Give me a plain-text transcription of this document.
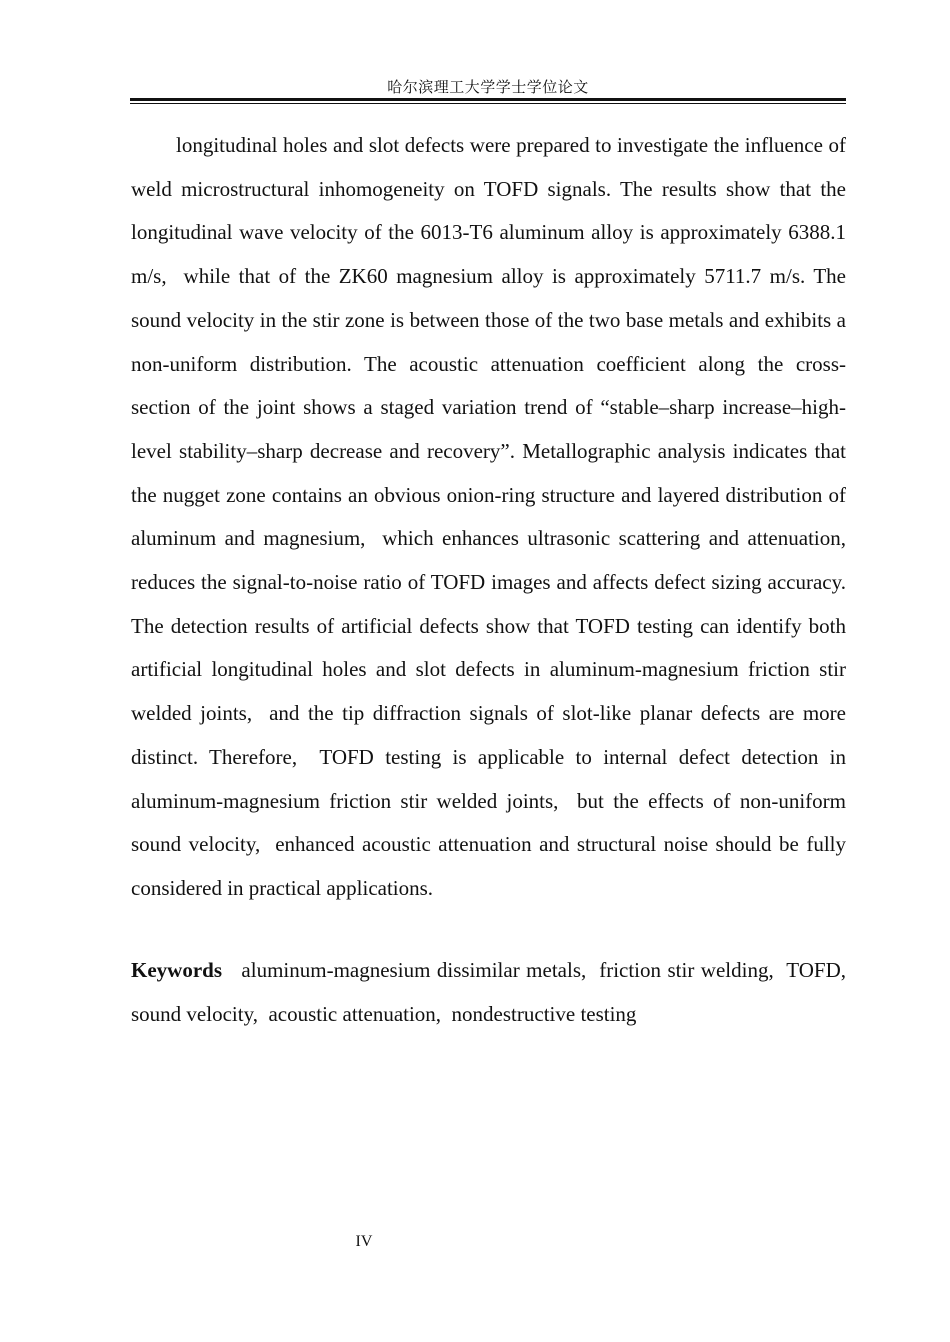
哈尔滨理工大学学士学位论文

longitudinal holes and slot defects were prepared to investigate the influence of weld microstructural inhomogeneity on TOFD signals. The results show that the longitudinal wave velocity of the 6013-T6 aluminum alloy is approximately 6388.1 m/s,  while that of the ZK60 magnesium alloy is approximately 5711.7 m/s. The sound velocity in the stir zone is between those of the two base metals and exhibits a non-uniform distribution. The acoustic attenuation coefficient along the cross-section of the joint shows a staged variation trend of “stable–sharp increase–high-level stability–sharp decrease and recovery”. Metallographic analysis indicates that the nugget zone contains an obvious onion-ring structure and layered distribution of aluminum and magnesium,  which enhances ultrasonic scattering and attenuation,  reduces the signal-to-noise ratio of TOFD images and affects defect sizing accuracy. The detection results of artificial defects show that TOFD testing can identify both artificial longitudinal holes and slot defects in aluminum-magnesium friction stir welded joints,  and the tip diffraction signals of slot-like planar defects are more distinct. Therefore,  TOFD testing is applicable to internal defect detection in aluminum-magnesium friction stir welded joints,  but the effects of non-uniform sound velocity,  enhanced acoustic attenuation and structural noise should be fully considered in practical applications.

Keywords   aluminum-magnesium dissimilar metals,  friction stir welding,  TOFD,  sound velocity,  acoustic attenuation,  nondestructive testing

IV
